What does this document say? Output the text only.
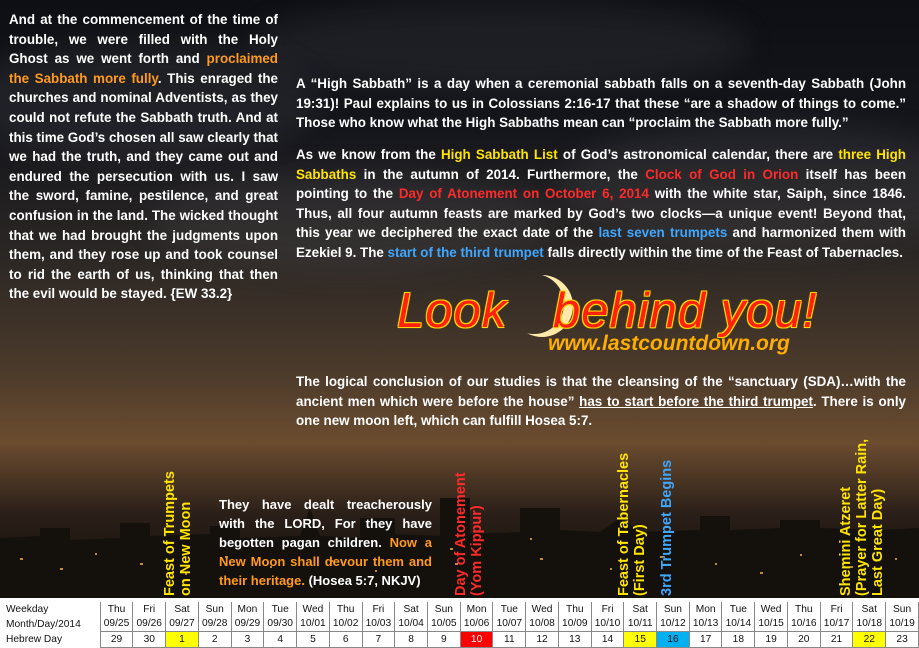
And at the commencement of the time of trouble, we were filled with the Holy Ghost as we went forth and proclaimed the Sabbath more fully. This enraged the churches and nominal Adventists, as they could not refute the Sabbath truth. And at this time God’s chosen all saw clearly that we had the truth, and they came out and endured the persecution with us. I saw the sword, famine, pestilence, and great confusion in the land. The wicked thought that we had brought the judgments upon them, and they rose up and took counsel to rid the earth of us, thinking that then the evil would be stayed. {EW 33.2}
A “High Sabbath” is a day when a ceremonial sabbath falls on a seventh-day Sabbath (John 19:31)! Paul explains to us in Colossians 2:16-17 that these “are a shadow of things to come.” Those who know what the High Sabbaths mean can “proclaim the Sabbath more fully.”
As we know from the High Sabbath List of God’s astronomical calendar, there are three High Sabbaths in the autumn of 2014. Furthermore, the Clock of God in Orion itself has been pointing to the Day of Atonement on October 6, 2014 with the white star, Saiph, since 1846. Thus, all four autumn feasts are marked by God’s two clocks—a unique event! Beyond that, this year we deciphered the exact date of the last seven trumpets and harmonized them with Ezekiel 9. The start of the third trumpet falls directly within the time of the Feast of Tabernacles.
Look behind you!
www.lastcountdown.org
The logical conclusion of our studies is that the cleansing of the “sanctuary (SDA)…with the ancient men which were before the house” has to start before the third trumpet. There is only one new moon left, which can fulfill Hosea 5:7.
They have dealt treacherously with the LORD, For they have begotten pagan children. Now a New Moon shall devour them and their heritage. (Hosea 5:7, NKJV)
Feast of Trumpets on New Moon	Day of Atonement (Yom Kippur)	Feast of Tabernacles (First Day) 3rd Trumpet Begins	Shemini Atzeret (Prayer for Latter Rain, Last Great Day)
Weekday	Thu	Fri	Sat	Sun	Mon	Tue	Wed	Thu	Fri	Sat	Sun	Mon	Tue	Wed	Thu	Fri	Sat	Sun	Mon	Tue	Wed	Thu	Fri	Sat	Sun
Month/Day/2014	09/25	09/26	09/27	09/28	09/29	09/30	10/01	10/02	10/03	10/04	10/05	10/06	10/07	10/08	10/09	10/10	10/11	10/12	10/13	10/14	10/15	10/16	10/17	10/18	10/19
Hebrew Day	29	30	1	2	3	4	5	6	7	8	9	10	11	12	13	14	15	16	17	18	19	20	21	22	23
